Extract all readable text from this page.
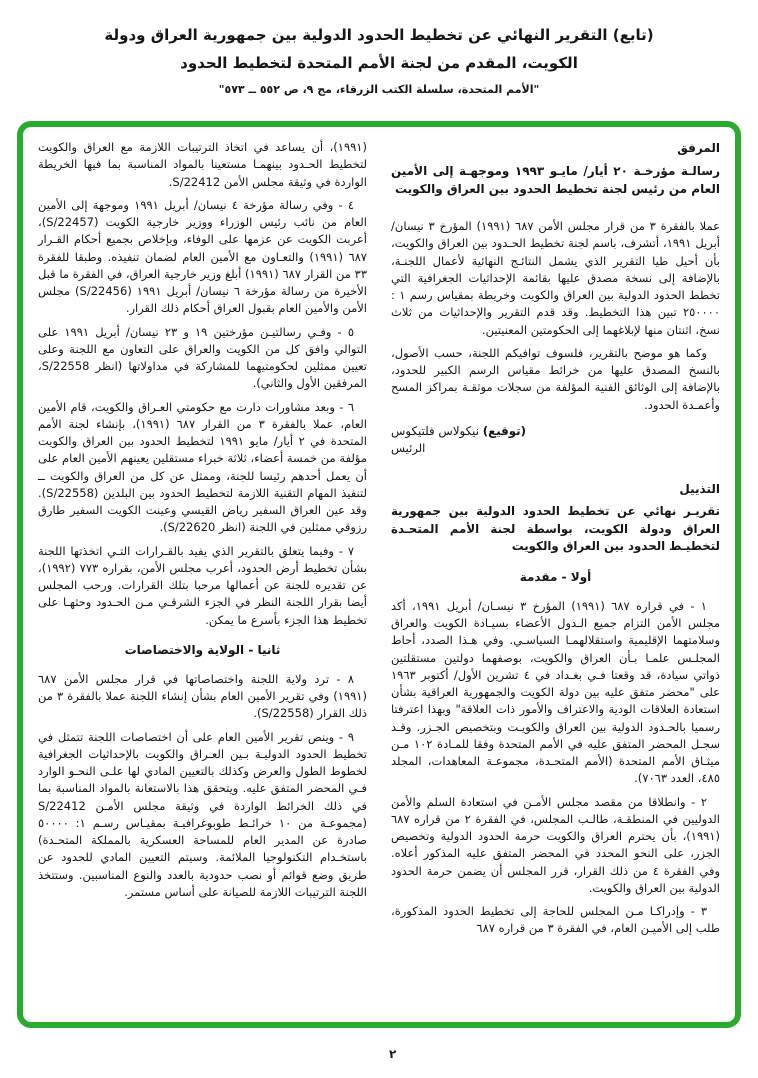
(تابع) التقرير النهائي عن تخطيط الحدود الدولية بين جمهورية العراق ودولة
الكويت، المقدم من لجنة الأمم المتحدة لتخطيط الحدود
"الأمم المتحدة، سلسلة الكتب الزرقاء، مج ٩، ص ٥٥٢ ــ ٥٧٣"
المرفق

رسالـة مؤرخـة ٢٠ أيار/ مايـو ١٩٩٣ وموجهـة إلى الأمين العام من رئيس لجنة تخطيط الحدود بين العراق والكويت

عملا بالفقرة ٣ من قرار مجلس الأمن ٦٨٧ (١٩٩١) المؤرخ ٣ نيسان/ أبريل ١٩٩١، أتشرف، باسم لجنة تخطيط الحـدود بين العراق والكويت، بأن أحيل طيا التقرير الذي يشمل النتائـج النهائية لأعمال اللجنـة، بالإضافة إلى نسخة مصدق عليها بقائمة الإحداثيات الجغرافية التي تخطط الحدود الدولية بين العراق والكويت وخريطة بمقياس رسم ١ : ٢٥٠٠٠٠ تبين هذا التخطيط. وقد قدم التقرير والإحداثيات من ثلاث نسخ، اثنتان منها لإبلاغهما إلى الحكومتين المعنيتين.

وكما هو موضح بالتقرير، فلسوف توافيكم اللجنة، حسب الأصول، بالنسخ المصدق عليها من خرائط مقياس الرسم الكبير للحدود، بالإضافة إلى الوثائق الفنية المؤلفة من سجلات موثقـة بمراكز المسح وأعمـدة الحدود.

(توقيع) نيكولاس فلتيكوس
الرئيس
التذييل

تقريـر نهائي عن تخطيط الحدود الدولية بين جمهورية العراق ودولة الكويت، بواسطة لجنة الأمم المتحـدة لتخطيـط الحدود بين العراق والكويت

أولا - مقدمة

١ - في قراره ٦٨٧ (١٩٩١) المؤرخ ٣ نيسـان/ أبريل ١٩٩١، أكد مجلس الأمن التزام جميع الـدول الأعضاء بسيـادة الكويت والعراق وسلامتهما الإقليمية واستقلالهمـا السياسـي. وفي هـذا الصدد، أحاط المجلـس علمـا بـأن العراق والكويت، بوصفهما دولتين مستقلتين ذواتي سيادة، قد وقعتا فـي بغـداد في ٤ تشرين الأول/ أكتوبر ١٩٦٣ على "محضر متفق عليه بين دولة الكويت والجمهورية العراقية بشأن استعادة العلاقات الودية والاعتراف والأمور ذات العلاقة" وبهذا اعترفتا رسميا بالحـدود الدولية بين العراق والكويـت وبتخصيص الجـزر. وقـد سجـل المحضر المتفق عليه في الأمم المتحدة وفقا للمـادة ١٠٢ مـن ميثـاق الأمم المتحدة (الأمم المتحـدة، مجموعـة المعاهدات، المجلد ٤٨٥، العدد ٧٠٦٣).

٢ - وانطلاقا من مقصد مجلس الأمـن في استعادة السلم والأمن الدوليين في المنطقـة، طالـب المجلس، في الفقرة ٢ من قراره ٦٨٧ (١٩٩١)، بأن يحترم العراق والكويت حرمة الحدود الدولية وتخصيص الجزر، على النحو المحدد في المحضر المتفق عليه المذكور أعلاه. وفي الفقرة ٤ من ذلك القرار، قرر المجلس أن يضمن حرمة الحدود الدولية بين العراق والكويت.

٣ - وإدراكـا مـن المجلس للحاجة إلى تخطيط الحدود المذكورة، طلب إلى الأميـن العام، في الفقرة ٣ من قراره ٦٨٧

(١٩٩١)، أن يساعد في اتخاذ الترتيبات اللازمة مع العراق والكويت لتخطيط الحـدود بينهمـا مستعينا بالمواد المناسبة بما فيها الخريطة الواردة في وثيقة مجلس الأمن S/22412.

٤ - وفي رسالة مؤرخة ٤ نيسان/ أبريل ١٩٩١ وموجهة إلى الأمين العام من نائب رئيس الوزراء ووزير خارجية الكويت (S/22457)، أعربت الكويت عن عزمها على الوفاء، وبإخلاص بجميع أحكام القـرار ٦٨٧ (١٩٩١) والتعـاون مع الأمين العام لضمان تنفيذه. وطبقا للفقرة ٣٣ من القرار ٦٨٧ (١٩٩١) أبلغ وزير خارجية العراق، في الفقرة ما قبل الأخيرة من رسالة مؤرخة ٦ نيسان/ أبريل ١٩٩١ (S/22456) مجلس الأمن والأمين العام بقبول العراق أحكام ذلك القرار.

٥ - وفـي رسالتيـن مؤرختين ١٩ و ٢٣ نيسان/ أبريل ١٩٩١ على التوالي وافق كل من الكويت والعراق على التعاون مع اللجنة وعلى تعيين ممثلين لحكومتيهما للمشاركة في مداولاتها (انظر S/22558، المرفقين الأول والثاني).

٦ - وبعد مشاورات دارت مع حكومتي العـراق والكويت، قام الأمين العام، عملا بالفقرة ٣ من القرار ٦٨٧ (١٩٩١)، بإنشاء لجنة الأمم المتحدة في ٢ أيار/ مايو ١٩٩١ لتخطيط الحدود بين العراق والكويت مؤلفة من خمسة أعضاء، ثلاثة خبراء مستقلين يعينهم الأمين العام على أن يعمل أحدهم رئيسا للجنة، وممثل عن كل من العراق والكويت ــ لتنفيذ المهام التقنية اللازمة لتخطيط الحدود بين البلدين (S/22558). وقد عين العراق السفير رياض القيسي وعينت الكويت السفير طارق رزوقي ممثلين في اللجنة (انظر S/22620).

٧ - وفيما يتعلق بالتقرير الذي يفيد بالقـرارات التـي اتخذتها اللجنة بشأن تخطيط أرض الحدود، أعرب مجلس الأمن، بقراره ٧٧٣ (١٩٩٢)، عن تقديره للجنة عن أعمالها مرحبا بتلك القرارات. ورحب المجلس أيضا بقرار اللجنة النظر في الجزء الشرقـي مـن الحـدود وحثهـا على تخطيط هذا الجزء بأسرع ما يمكن.

ثانيا - الولاية والاختصاصات

٨ - ترد ولاية اللجنة واختصاصاتها في قرار مجلس الأمن ٦٨٧ (١٩٩١) وفي تقرير الأمين العام بشأن إنشاء اللجنة عملا بالفقرة ٣ من ذلك القرار (S/22558).

٩ - وينص تقرير الأمين العام على أن اختصاصات اللجنة تتمثل في تخطيط الحدود الدوليـة بـين العـراق والكويت بالإحداثيات الجغرافية لخطوط الطول والعرض وكذلك بالتعيين المادي لها علـى النحـو الوارد فـي المحضر المتفق عليه. ويتحقق هذا بالاستعانة بالمواد المناسبة بما في ذلك الخرائط الواردة في وثيقة مجلس الأمـن S/22412 (مجموعـة من ١٠ خرائـط طوبوغرافيـة بمقيـاس رسـم ١: ٥٠٠٠٠ صادرة عن المدير العام للمساحة العسكرية بالمملكة المتحـدة) باستخـدام التكنولوجيا الملائمة. وسيتم التعيين المادي للحدود عن طريق وضع قوائم أو نصب حدودية بالعدد والنوع المناسبين. وستتخذ اللجنة الترتيبات اللازمة للصيانة على أساس مستمر.

٢
